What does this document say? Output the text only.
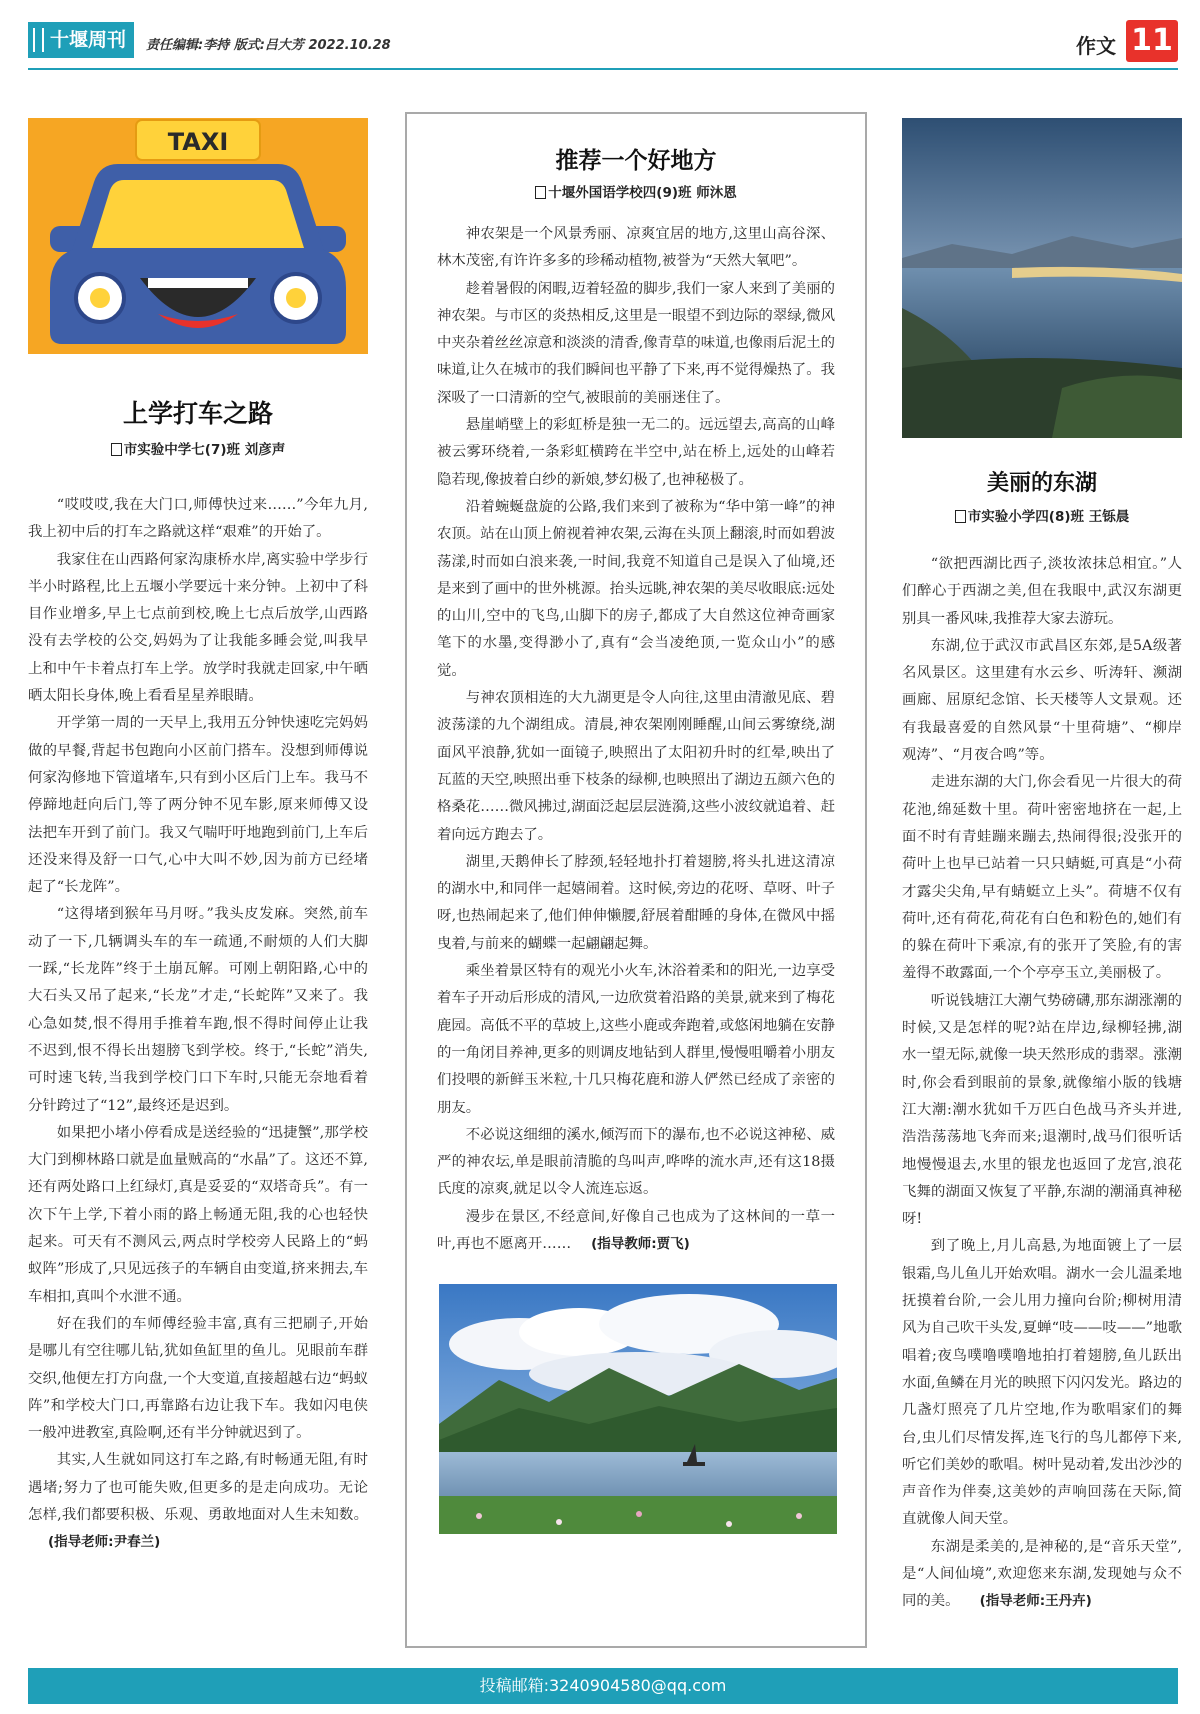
十堰周刊	责任编辑:李持 版式:吕大芳 2022.10.28	作文 11
TAXI
上学打车之路
市实验中学七(7)班 刘彦声

“哎哎哎,我在大门口,师傅快过来……”今年九月,我上初中后的打车之路就这样“艰难”的开始了。

我家住在山西路何家沟康桥水岸,离实验中学步行半小时路程,比上五堰小学要远十来分钟。上初中了科目作业增多,早上七点前到校,晚上七点后放学,山西路没有去学校的公交,妈妈为了让我能多睡会觉,叫我早上和中午卡着点打车上学。放学时我就走回家,中午晒晒太阳长身体,晚上看看星星养眼睛。

开学第一周的一天早上,我用五分钟快速吃完妈妈做的早餐,背起书包跑向小区前门搭车。没想到师傅说何家沟修地下管道堵车,只有到小区后门上车。我马不停蹄地赶向后门,等了两分钟不见车影,原来师傅又设法把车开到了前门。我又气喘吁吁地跑到前门,上车后还没来得及舒一口气,心中大叫不妙,因为前方已经堵起了“长龙阵”。

“这得堵到猴年马月呀。”我头皮发麻。突然,前车动了一下,几辆调头车的车一疏通,不耐烦的人们大脚一踩,“长龙阵”终于土崩瓦解。可刚上朝阳路,心中的大石头又吊了起来,“长龙”才走,“长蛇阵”又来了。我心急如焚,恨不得用手推着车跑,恨不得时间停止让我不迟到,恨不得长出翅膀飞到学校。终于,“长蛇”消失,可时速飞转,当我到学校门口下车时,只能无奈地看着分针跨过了“12”,最终还是迟到。

如果把小堵小停看成是送经验的“迅捷蟹”,那学校大门到柳林路口就是血量贼高的“水晶”了。这还不算,还有两处路口上红绿灯,真是妥妥的“双塔奇兵”。有一次下午上学,下着小雨的路上畅通无阻,我的心也轻快起来。可天有不测风云,两点时学校旁人民路上的“蚂蚁阵”形成了,只见远孩子的车辆自由变道,挤来拥去,车车相扣,真叫个水泄不通。

好在我们的车师傅经验丰富,真有三把刷子,开始是哪儿有空往哪儿钻,犹如鱼缸里的鱼儿。见眼前车群交织,他便左打方向盘,一个大变道,直接超越右边“蚂蚁阵”和学校大门口,再靠路右边让我下车。我如闪电侠一般冲进教室,真险啊,还有半分钟就迟到了。

其实,人生就如同这打车之路,有时畅通无阻,有时遇堵;努力了也可能失败,但更多的是走向成功。无论怎样,我们都要积极、乐观、勇敢地面对人生未知数。(指导老师:尹春兰)

推荐一个好地方
十堰外国语学校四(9)班 师沐恩

神农架是一个风景秀丽、凉爽宜居的地方,这里山高谷深、林木茂密,有许许多多的珍稀动植物,被誉为“天然大氧吧”。

趁着暑假的闲暇,迈着轻盈的脚步,我们一家人来到了美丽的神农架。与市区的炎热相反,这里是一眼望不到边际的翠绿,微风中夹杂着丝丝凉意和淡淡的清香,像青草的味道,也像雨后泥土的味道,让久在城市的我们瞬间也平静了下来,再不觉得燥热了。我深吸了一口清新的空气,被眼前的美丽迷住了。

悬崖峭壁上的彩虹桥是独一无二的。远远望去,高高的山峰被云雾环绕着,一条彩虹横跨在半空中,站在桥上,远处的山峰若隐若现,像披着白纱的新娘,梦幻极了,也神秘极了。

沿着蜿蜒盘旋的公路,我们来到了被称为“华中第一峰”的神农顶。站在山顶上俯视着神农架,云海在头顶上翻滚,时而如碧波荡漾,时而如白浪来袭,一时间,我竟不知道自己是误入了仙境,还是来到了画中的世外桃源。抬头远眺,神农架的美尽收眼底:远处的山川,空中的飞鸟,山脚下的房子,都成了大自然这位神奇画家笔下的水墨,变得渺小了,真有“会当凌绝顶,一览众山小”的感觉。

与神农顶相连的大九湖更是令人向往,这里由清澈见底、碧波荡漾的九个湖组成。清晨,神农架刚刚睡醒,山间云雾缭绕,湖面风平浪静,犹如一面镜子,映照出了太阳初升时的红晕,映出了瓦蓝的天空,映照出垂下枝条的绿柳,也映照出了湖边五颜六色的格桑花……微风拂过,湖面泛起层层涟漪,这些小波纹就追着、赶着向远方跑去了。

湖里,天鹅伸长了脖颈,轻轻地扑打着翅膀,将头扎进这清凉的湖水中,和同伴一起嬉闹着。这时候,旁边的花呀、草呀、叶子呀,也热闹起来了,他们伸伸懒腰,舒展着酣睡的身体,在微风中摇曳着,与前来的蝴蝶一起翩翩起舞。

乘坐着景区特有的观光小火车,沐浴着柔和的阳光,一边享受着车子开动后形成的清风,一边欣赏着沿路的美景,就来到了梅花鹿园。高低不平的草坡上,这些小鹿或奔跑着,或悠闲地躺在安静的一角闭目养神,更多的则调皮地钻到人群里,慢慢咀嚼着小朋友们投喂的新鲜玉米粒,十几只梅花鹿和游人俨然已经成了亲密的朋友。

不必说这细细的溪水,倾泻而下的瀑布,也不必说这神秘、威严的神农坛,单是眼前清脆的鸟叫声,哗哗的流水声,还有这18摄氏度的凉爽,就足以令人流连忘返。

漫步在景区,不经意间,好像自己也成为了这林间的一草一叶,再也不愿离开…… (指导教师:贾飞)

美丽的东湖
市实验小学四(8)班 王铄晨

“欲把西湖比西子,淡妆浓抹总相宜。”人们醉心于西湖之美,但在我眼中,武汉东湖更别具一番风味,我推荐大家去游玩。

东湖,位于武汉市武昌区东郊,是5A级著名风景区。这里建有水云乡、听涛轩、濒湖画廊、屈原纪念馆、长天楼等人文景观。还有我最喜爱的自然风景“十里荷塘”、“柳岸观涛”、“月夜合鸣”等。

走进东湖的大门,你会看见一片很大的荷花池,绵延数十里。荷叶密密地挤在一起,上面不时有青蛙蹦来蹦去,热闹得很;没张开的荷叶上也早已站着一只只蜻蜓,可真是“小荷才露尖尖角,早有蜻蜓立上头”。荷塘不仅有荷叶,还有荷花,荷花有白色和粉色的,她们有的躲在荷叶下乘凉,有的张开了笑脸,有的害羞得不敢露面,一个个亭亭玉立,美丽极了。

听说钱塘江大潮气势磅礴,那东湖涨潮的时候,又是怎样的呢?站在岸边,绿柳轻拂,湖水一望无际,就像一块天然形成的翡翠。涨潮时,你会看到眼前的景象,就像缩小版的钱塘江大潮:潮水犹如千万匹白色战马齐头并进,浩浩荡荡地飞奔而来;退潮时,战马们很听话地慢慢退去,水里的银龙也返回了龙宫,浪花飞舞的湖面又恢复了平静,东湖的潮涌真神秘呀!

到了晚上,月儿高悬,为地面镀上了一层银霜,鸟儿鱼儿开始欢唱。湖水一会儿温柔地抚摸着台阶,一会儿用力撞向台阶;柳树用清风为自己吹干头发,夏蝉“吱——吱——”地歌唱着;夜鸟噗噜噗噜地拍打着翅膀,鱼儿跃出水面,鱼鳞在月光的映照下闪闪发光。路边的几盏灯照亮了几片空地,作为歌唱家们的舞台,虫儿们尽情发挥,连飞行的鸟儿都停下来,听它们美妙的歌唱。树叶晃动着,发出沙沙的声音作为伴奏,这美妙的声响回荡在天际,简直就像人间天堂。

东湖是柔美的,是神秘的,是“音乐天堂”,是“人间仙境”,欢迎您来东湖,发现她与众不同的美。 (指导老师:王丹卉)

投稿邮箱:3240904580@qq.com
